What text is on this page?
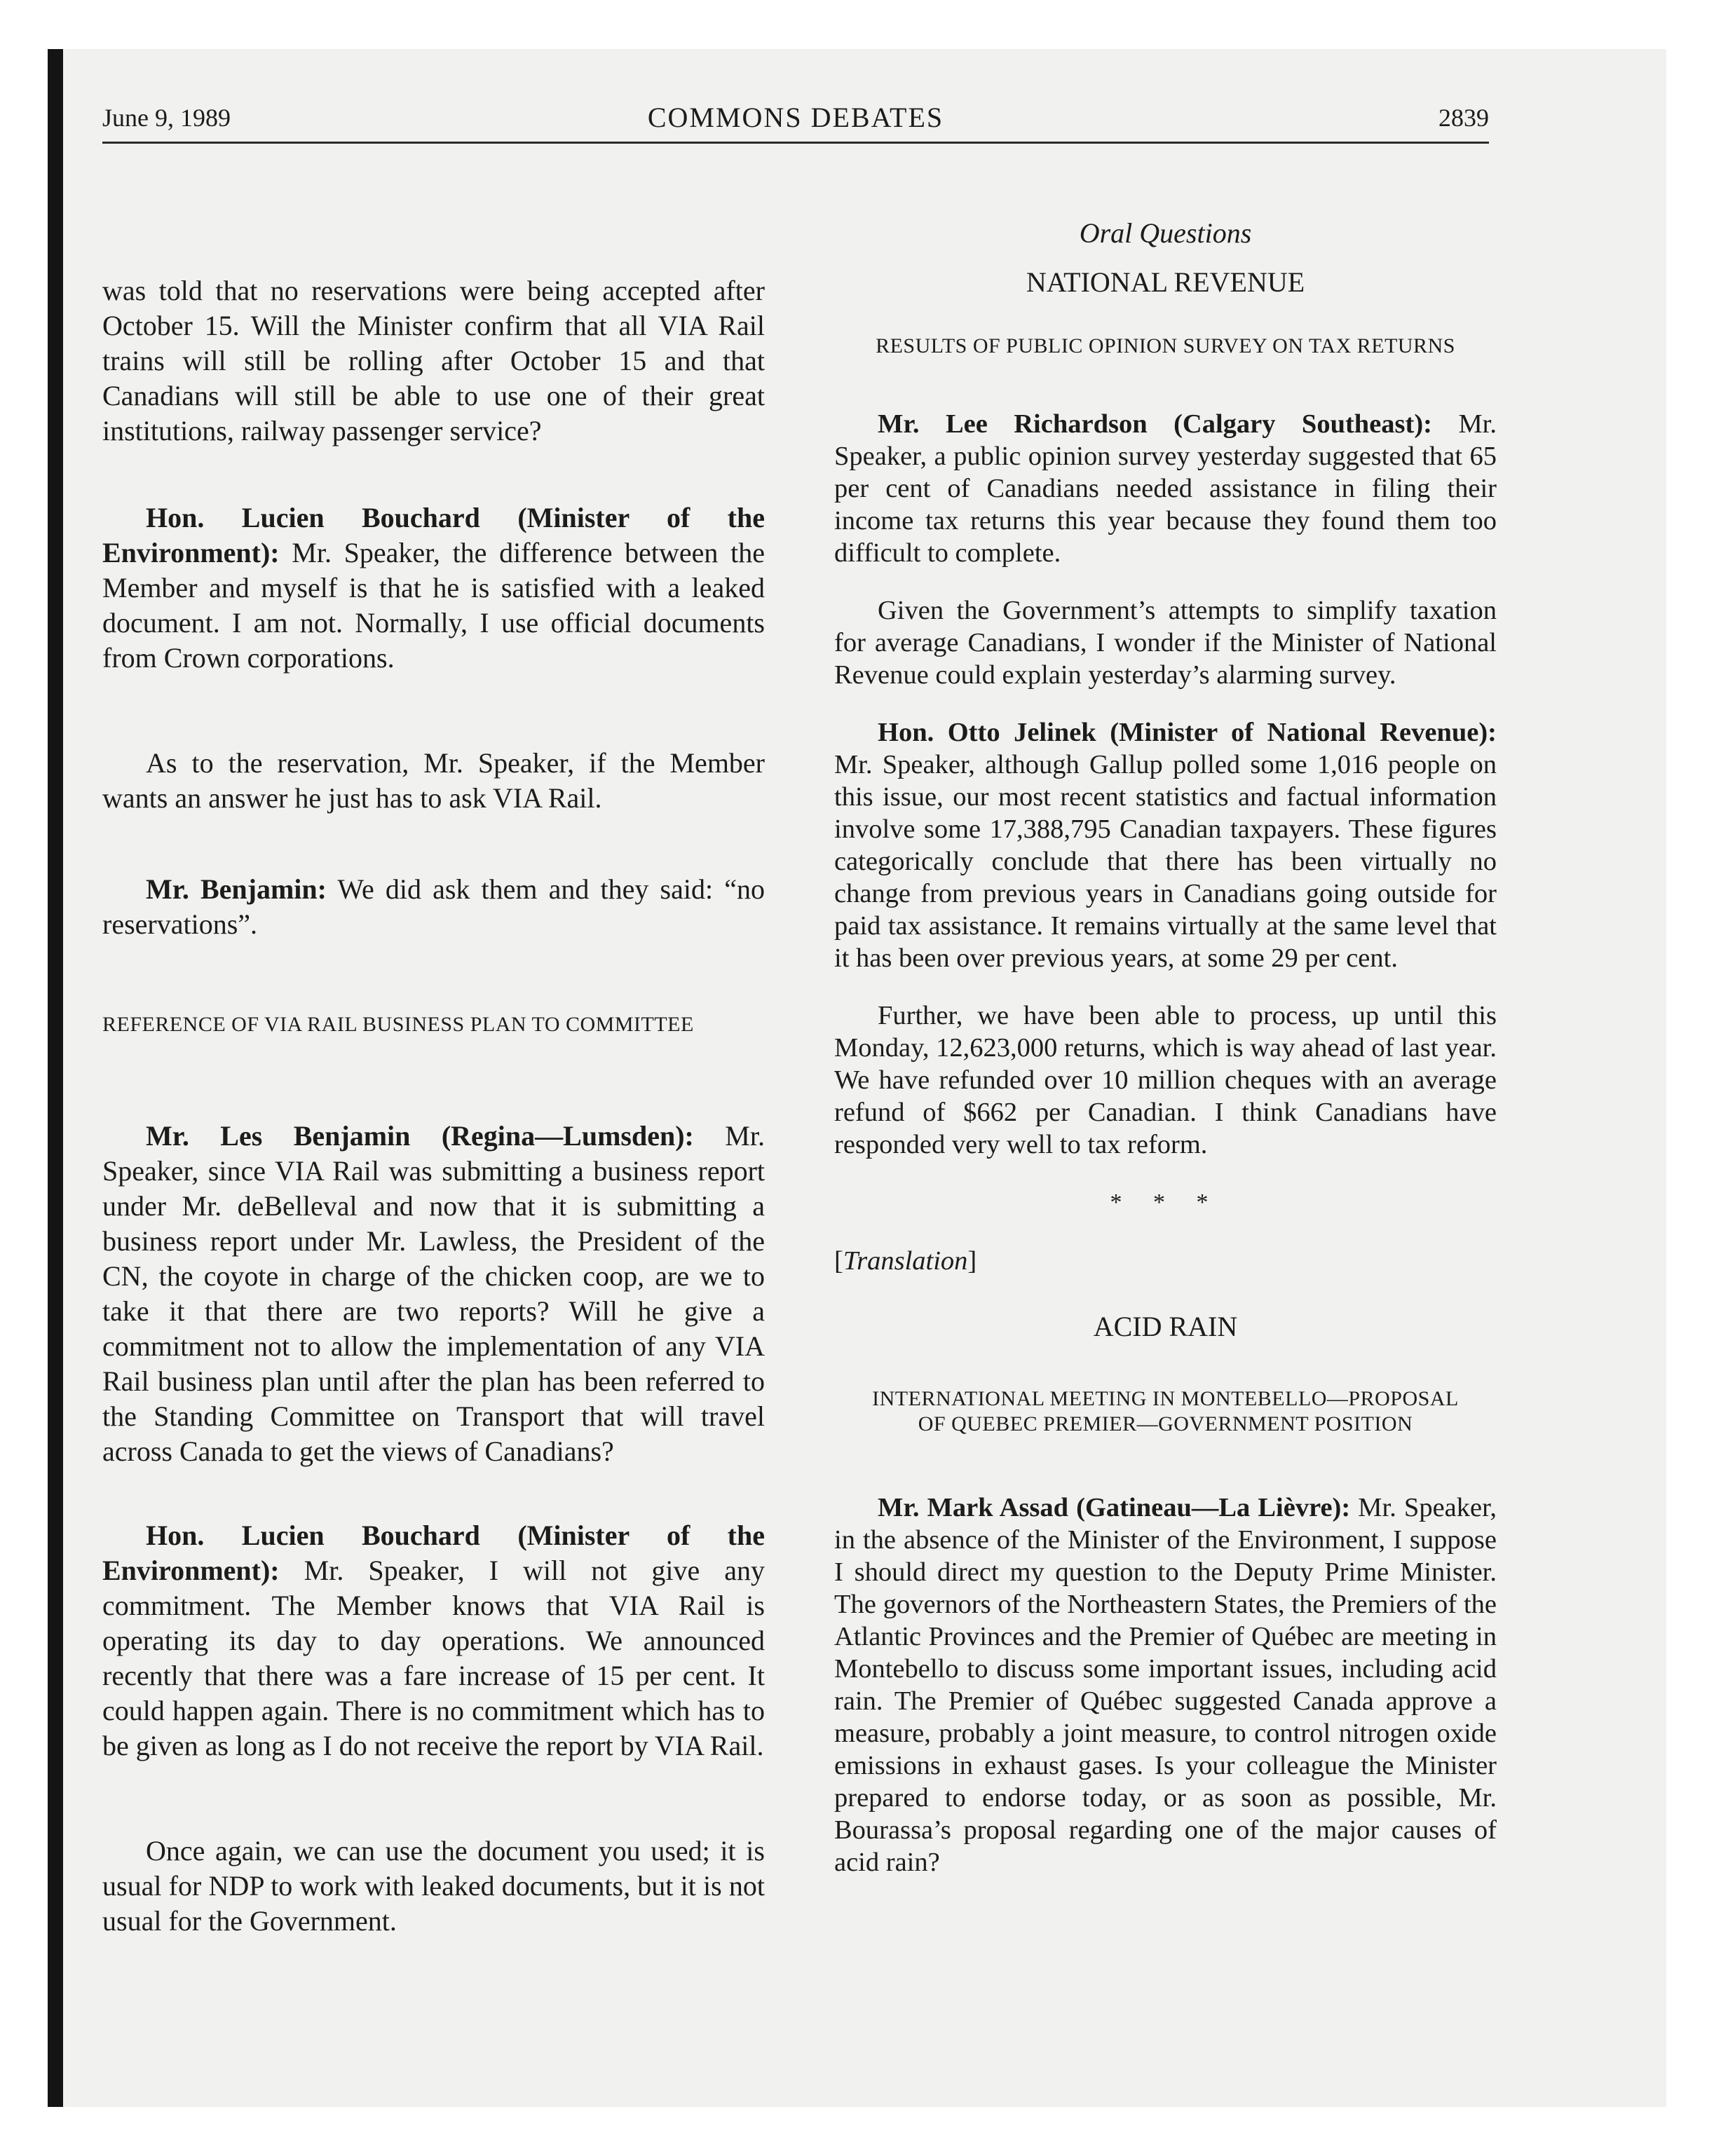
June 9, 1989	COMMONS DEBATES	2839

was told that no reservations were being accepted after October 15. Will the Minister confirm that all VIA Rail trains will still be rolling after October 15 and that Canadians will still be able to use one of their great institutions, railway passenger service?

Hon. Lucien Bouchard (Minister of the Environment): Mr. Speaker, the difference between the Member and myself is that he is satisfied with a leaked document. I am not. Normally, I use official documents from Crown corporations.

As to the reservation, Mr. Speaker, if the Member wants an answer he just has to ask VIA Rail.

Mr. Benjamin: We did ask them and they said: “no reservations”.

REFERENCE OF VIA RAIL BUSINESS PLAN TO COMMITTEE

Mr. Les Benjamin (Regina—Lumsden): Mr. Speaker, since VIA Rail was submitting a business report under Mr. deBelleval and now that it is submitting a business report under Mr. Lawless, the President of the CN, the coyote in charge of the chicken coop, are we to take it that there are two reports? Will he give a commitment not to allow the implementation of any VIA Rail business plan until after the plan has been referred to the Standing Committee on Transport that will travel across Canada to get the views of Canadians?

Hon. Lucien Bouchard (Minister of the Environment): Mr. Speaker, I will not give any commitment. The Member knows that VIA Rail is operating its day to day operations. We announced recently that there was a fare increase of 15 per cent. It could happen again. There is no commitment which has to be given as long as I do not receive the report by VIA Rail.

Once again, we can use the document you used; it is usual for NDP to work with leaked documents, but it is not usual for the Government.

Oral Questions
NATIONAL REVENUE
RESULTS OF PUBLIC OPINION SURVEY ON TAX RETURNS

Mr. Lee Richardson (Calgary Southeast): Mr. Speaker, a public opinion survey yesterday suggested that 65 per cent of Canadians needed assistance in filing their income tax returns this year because they found them too difficult to complete.

Given the Government’s attempts to simplify taxation for average Canadians, I wonder if the Minister of National Revenue could explain yesterday’s alarming survey.

Hon. Otto Jelinek (Minister of National Revenue): Mr. Speaker, although Gallup polled some 1,016 people on this issue, our most recent statistics and factual information involve some 17,388,795 Canadian taxpayers. These figures categorically conclude that there has been virtually no change from previous years in Canadians going outside for paid tax assistance. It remains virtually at the same level that it has been over previous years, at some 29 per cent.

Further, we have been able to process, up until this Monday, 12,623,000 returns, which is way ahead of last year. We have refunded over 10 million cheques with an average refund of $662 per Canadian. I think Canadians have responded very well to tax reform.

* * *

[Translation]

ACID RAIN
INTERNATIONAL MEETING IN MONTEBELLO—PROPOSAL
OF QUEBEC PREMIER—GOVERNMENT POSITION

Mr. Mark Assad (Gatineau—La Lièvre): Mr. Speaker, in the absence of the Minister of the Environment, I suppose I should direct my question to the Deputy Prime Minister. The governors of the Northeastern States, the Premiers of the Atlantic Provinces and the Premier of Québec are meeting in Montebello to discuss some important issues, including acid rain. The Premier of Québec suggested Canada approve a measure, probably a joint measure, to control nitrogen oxide emissions in exhaust gases. Is your colleague the Minister prepared to endorse today, or as soon as possible, Mr. Bourassa’s proposal regarding one of the major causes of acid rain?
